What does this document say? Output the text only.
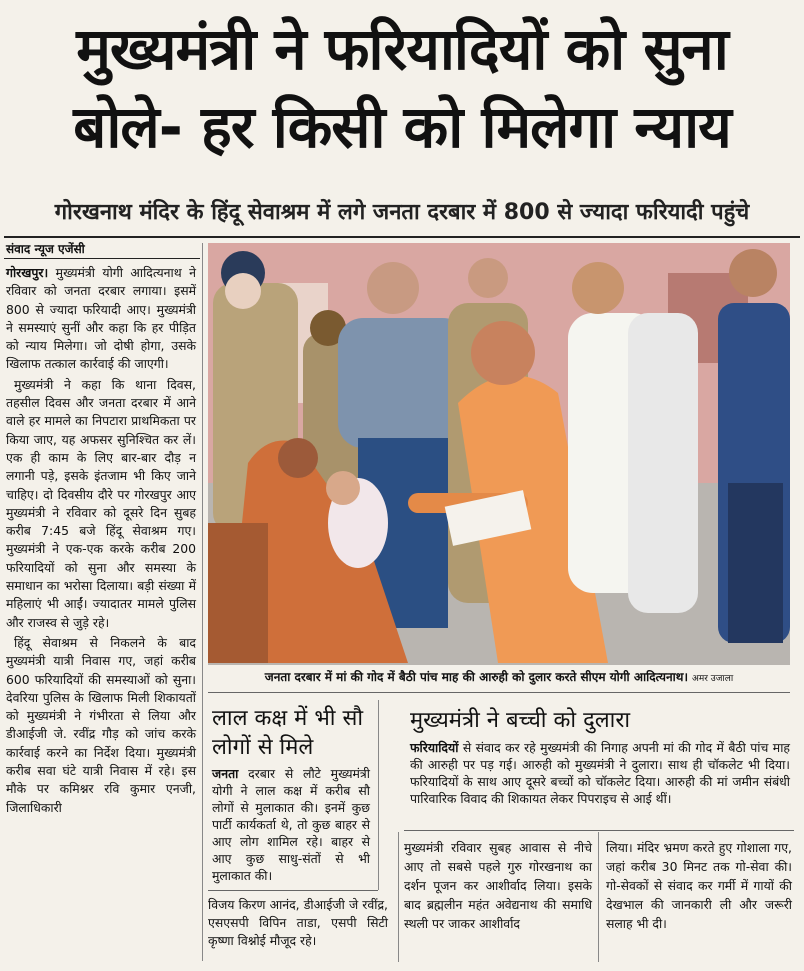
मुख्यमंत्री ने फरियादियों को सुना
बोले- हर किसी को मिलेगा न्याय
गोरखनाथ मंदिर के हिंदू सेवाश्रम में लगे जनता दरबार में 800 से ज्यादा फरियादी पहुंचे
संवाद न्यूज एजेंसी

गोरखपुर। मुख्यमंत्री योगी आदित्यनाथ ने रविवार को जनता दरबार लगाया। इसमें 800 से ज्यादा फरियादी आए। मुख्यमंत्री ने समस्याएं सुनीं और कहा कि हर पीड़ित को न्याय मिलेगा। जो दोषी होगा, उसके खिलाफ तत्काल कार्रवाई की जाएगी।

मुख्यमंत्री ने कहा कि थाना दिवस, तहसील दिवस और जनता दरबार में आने वाले हर मामले का निपटारा प्राथमिकता पर किया जाए, यह अफसर सुनिश्चित कर लें। एक ही काम के लिए बार-बार दौड़ न लगानी पड़े, इसके इंतजाम भी किए जाने चाहिए। दो दिवसीय दौरे पर गोरखपुर आए मुख्यमंत्री ने रविवार को दूसरे दिन सुबह करीब 7:45 बजे हिंदू सेवाश्रम गए। मुख्यमंत्री ने एक-एक करके करीब 200 फरियादियों को सुना और समस्या के समाधान का भरोसा दिलाया। बड़ी संख्या में महिलाएं भी आईं। ज्यादातर मामले पुलिस और राजस्व से जुड़े रहे।

हिंदू सेवाश्रम से निकलने के बाद मुख्यमंत्री यात्री निवास गए, जहां करीब 600 फरियादियों की समस्याओं को सुना। देवरिया पुलिस के खिलाफ मिली शिकायतों को मुख्यमंत्री ने गंभीरता से लिया और डीआईजी जे. रवींद्र गौड़ को जांच करके कार्रवाई करने का निर्देश दिया। मुख्यमंत्री करीब सवा घंटे यात्री निवास में रहे। इस मौके पर कमिश्नर रवि कुमार एनजी, जिलाधिकारी

जनता दरबार में मां की गोद में बैठी पांच माह की आरुही को दुलार करते सीएम योगी आदित्यनाथ। अमर उजाला
लाल कक्ष में भी सौ लोगों से मिले
जनता दरबार से लौटे मुख्यमंत्री योगी ने लाल कक्ष में करीब सौ लोगों से मुलाकात की। इनमें कुछ पार्टी कार्यकर्ता थे, तो कुछ बाहर से आए लोग शामिल रहे। बाहर से आए कुछ साधु-संतों से भी मुलाकात की।
मुख्यमंत्री ने बच्ची को दुलारा
फरियादियों से संवाद कर रहे मुख्यमंत्री की निगाह अपनी मां की गोद में बैठी पांच माह की आरुही पर पड़ गई। आरुही को मुख्यमंत्री ने दुलारा। साथ ही चॉकलेट भी दिया। फरियादियों के साथ आए दूसरे बच्चों को चॉकलेट दिया। आरुही की मां जमीन संबंधी पारिवारिक विवाद की शिकायत लेकर पिपराइच से आई थीं।
विजय किरण आनंद, डीआईजी जे रवींद्र, एसएसपी विपिन ताडा, एसपी सिटी कृष्णा विश्नोई मौजूद रहे।
मुख्यमंत्री रविवार सुबह आवास से नीचे आए तो सबसे पहले गुरु गोरखनाथ का दर्शन पूजन कर आशीर्वाद लिया। इसके बाद ब्रह्मलीन महंत अवेद्यनाथ की समाधि स्थली पर जाकर आशीर्वाद
लिया। मंदिर भ्रमण करते हुए गोशाला गए, जहां करीब 30 मिनट तक गो-सेवा की। गो-सेवकों से संवाद कर गर्मी में गायों की देखभाल की जानकारी ली और जरूरी सलाह भी दी।
